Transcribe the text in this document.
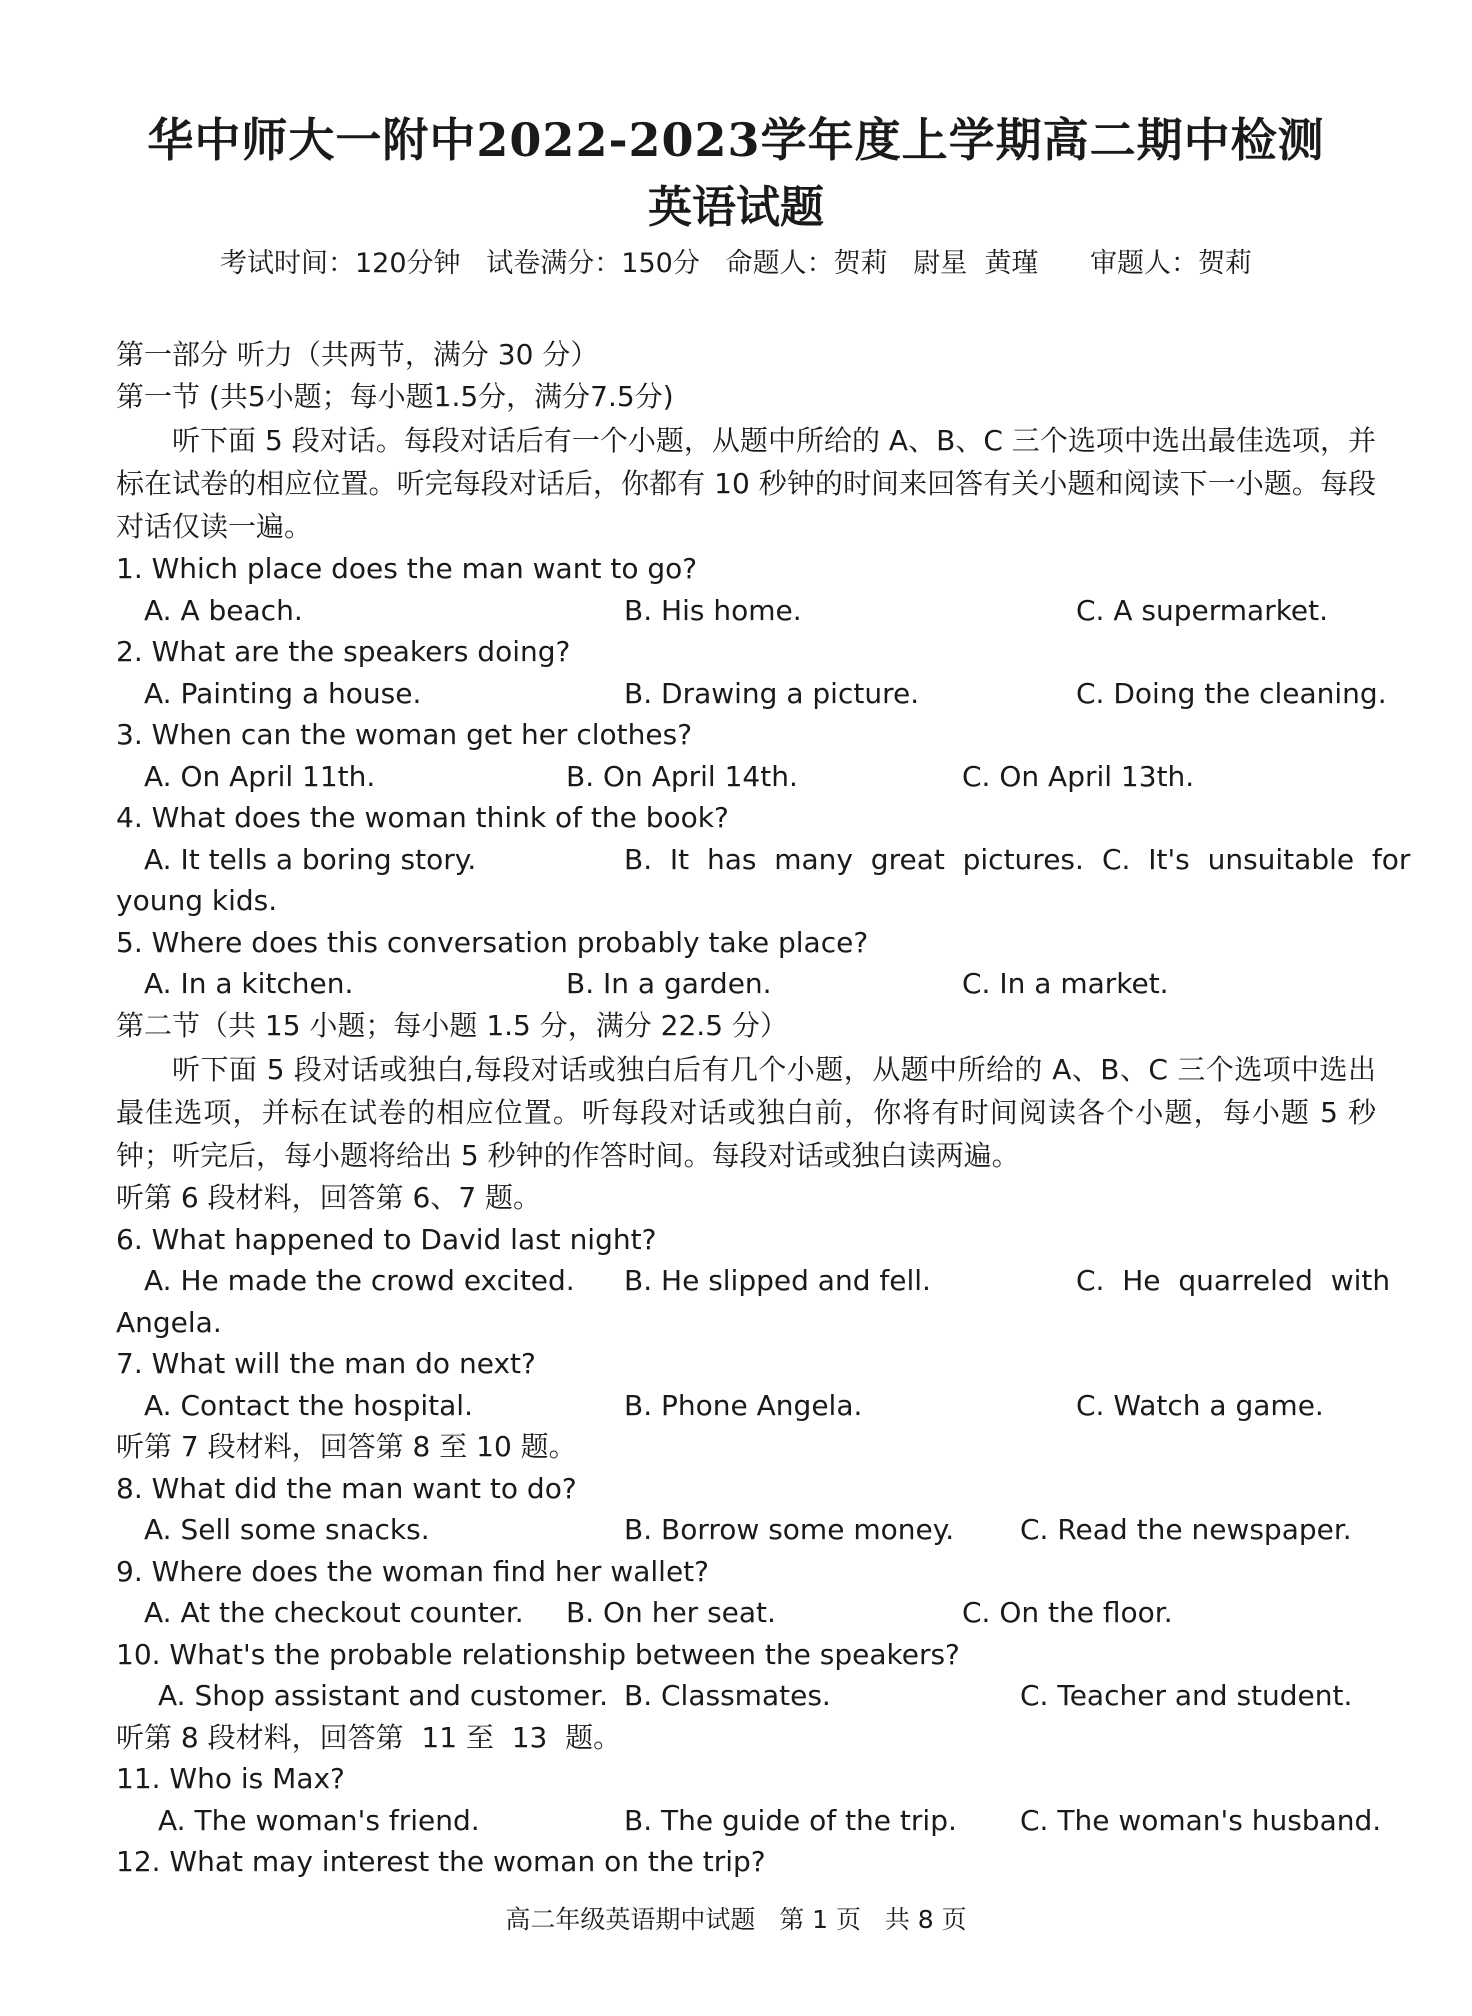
华中师大一附中2022-2023学年度上学期高二期中检测
英语试题
考试时间：120分钟   试卷满分：150分   命题人：贺莉   尉星  黄瑾      审题人：贺莉
第一部分 听力（共两节，满分 30 分）
第一节 (共5小题；每小题1.5分，满分7.5分)
听下面 5 段对话。每段对话后有一个小题，从题中所给的 A、B、C 三个选项中选出最佳选项，并标在试卷的相应位置。听完每段对话后，你都有 10 秒钟的时间来回答有关小题和阅读下一小题。每段对话仅读一遍。
1. Which place does the man want to go?
A. A beach.	B. His home.	C. A supermarket.
2. What are the speakers doing?
A. Painting a house.	B. Drawing a picture.	C. Doing the cleaning.
3. When can the woman get her clothes?
A. On April 11th.	B. On April 14th.	C. On April 13th.
4. What does the woman think of the book?
A. It tells a boring story.	B.  It  has  many  great  pictures. C.  It's  unsuitable  for
young kids.
5. Where does this conversation probably take place?
A. In a kitchen.	B. In a garden.	C. In a market.
第二节（共 15 小题；每小题 1.5 分，满分 22.5 分）
听下面 5 段对话或独白,每段对话或独白后有几个小题，从题中所给的 A、B、C 三个选项中选出最佳选项，并标在试卷的相应位置。听每段对话或独白前，你将有时间阅读各个小题，每小题 5 秒钟；听完后，每小题将给出 5 秒钟的作答时间。每段对话或独白读两遍。
听第 6 段材料，回答第 6、7 题。
6. What happened to David last night?
A. He made the crowd excited. B. He slipped and fell.	C.  He  quarreled  with
Angela.
7. What will the man do next?
A. Contact the hospital.	B. Phone Angela.	C. Watch a game.
听第 7 段材料，回答第 8 至 10 题。
8. What did the man want to do?
A. Sell some snacks.	B. Borrow some money. C. Read the newspaper.
9. Where does the woman find her wallet?
A. At the checkout counter. B. On her seat.	C. On the floor.
10. What's the probable relationship between the speakers?
A. Shop assistant and customer. B. Classmates.	C. Teacher and student.
听第 8 段材料，回答第  11 至  13  题。
11. Who is Max?
A. The woman's friend.	B. The guide of the trip. C. The woman's husband.
12. What may interest the woman on the trip?
高二年级英语期中试题   第 1 页   共 8 页
